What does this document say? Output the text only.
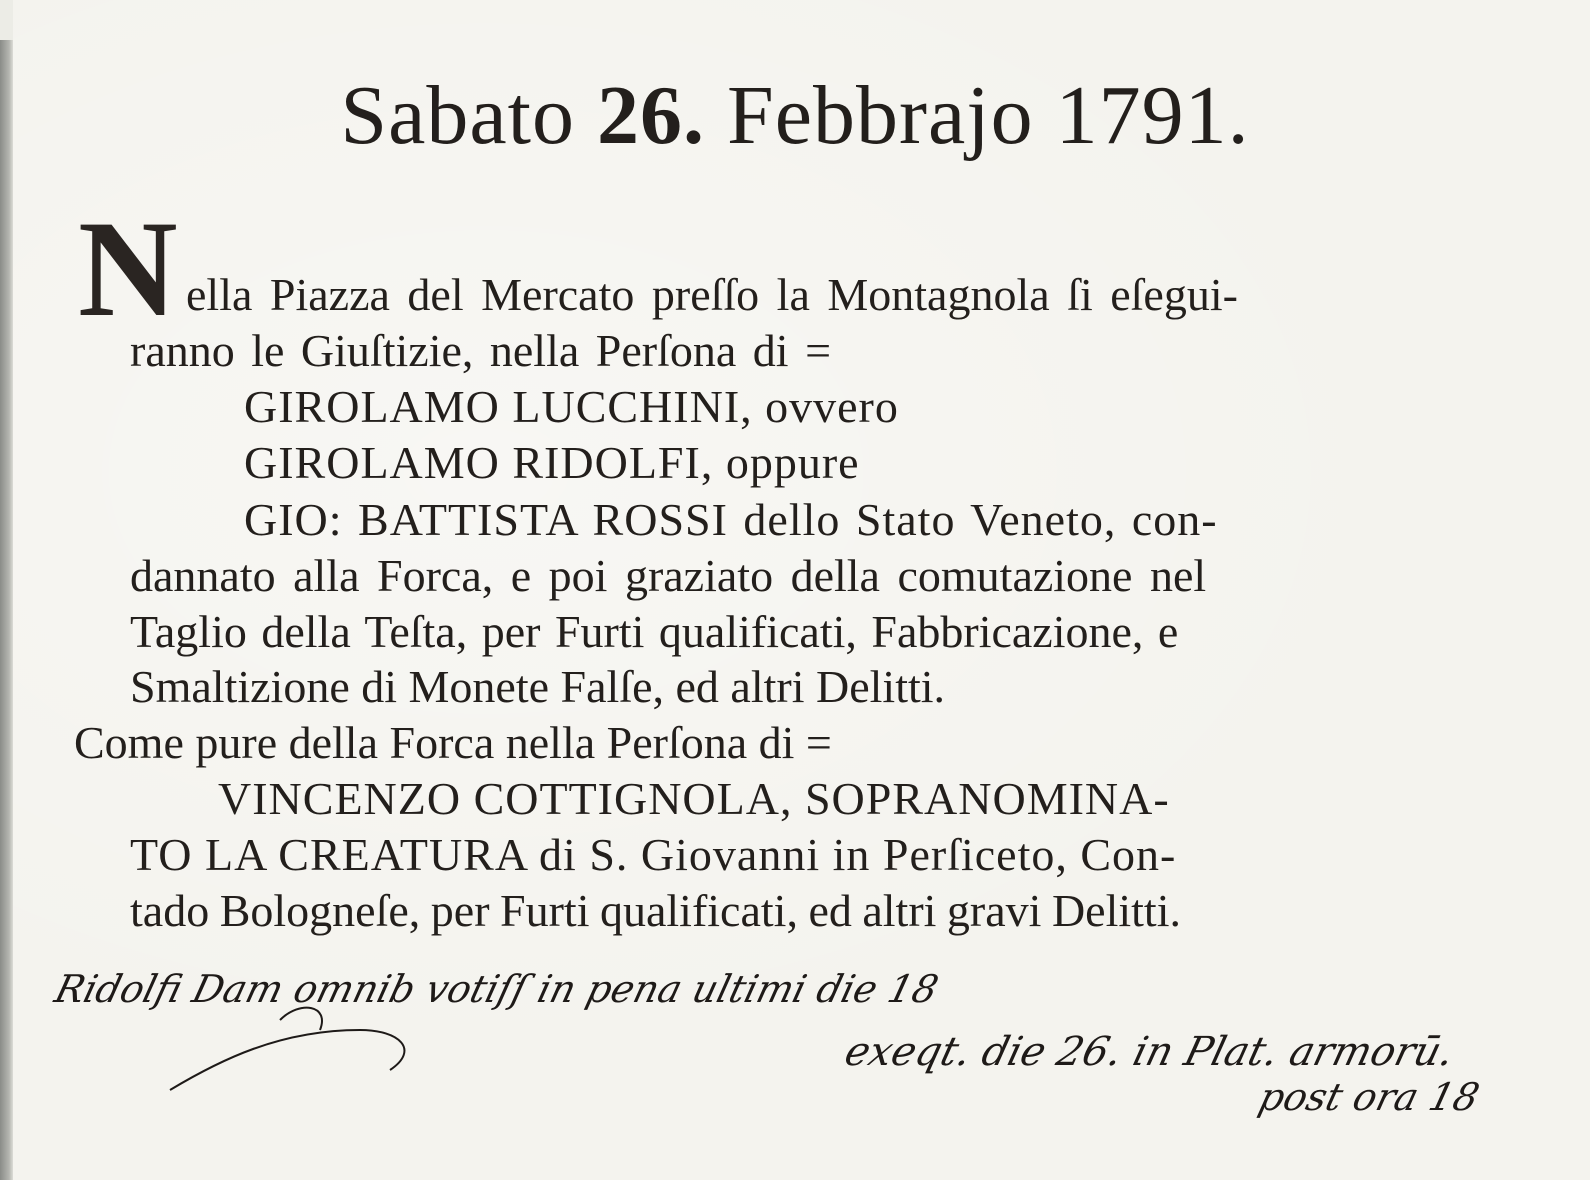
Sabato 26. Febbrajo 1791.
N ella Piazza del Mercato preſſo la Montagnola ſi eſegui-
ranno le Giuſtizie, nella Perſona di =
GIROLAMO LUCCHINI, ovvero
GIROLAMO RIDOLFI, oppure
GIO: BATTISTA ROSSI dello Stato Veneto, con-
dannato alla Forca, e poi graziato della comutazione nel
Taglio della Teſta, per Furti qualificati, Fabbricazione, e
Smaltizione di Monete Falſe, ed altri Delitti.
Come pure della Forca nella Perſona di =
VINCENZO COTTIGNOLA, SOPRANOMINA-
TO LA CREATURA di S. Giovanni in Perſiceto, Con-
tado Bologneſe, per Furti qualificati, ed altri gravi Delitti.
Ridolfi Dam omnib votiſſ in pena ultimi die 18
exeqt. die 26. in Plat. armorū.
post ora 18
